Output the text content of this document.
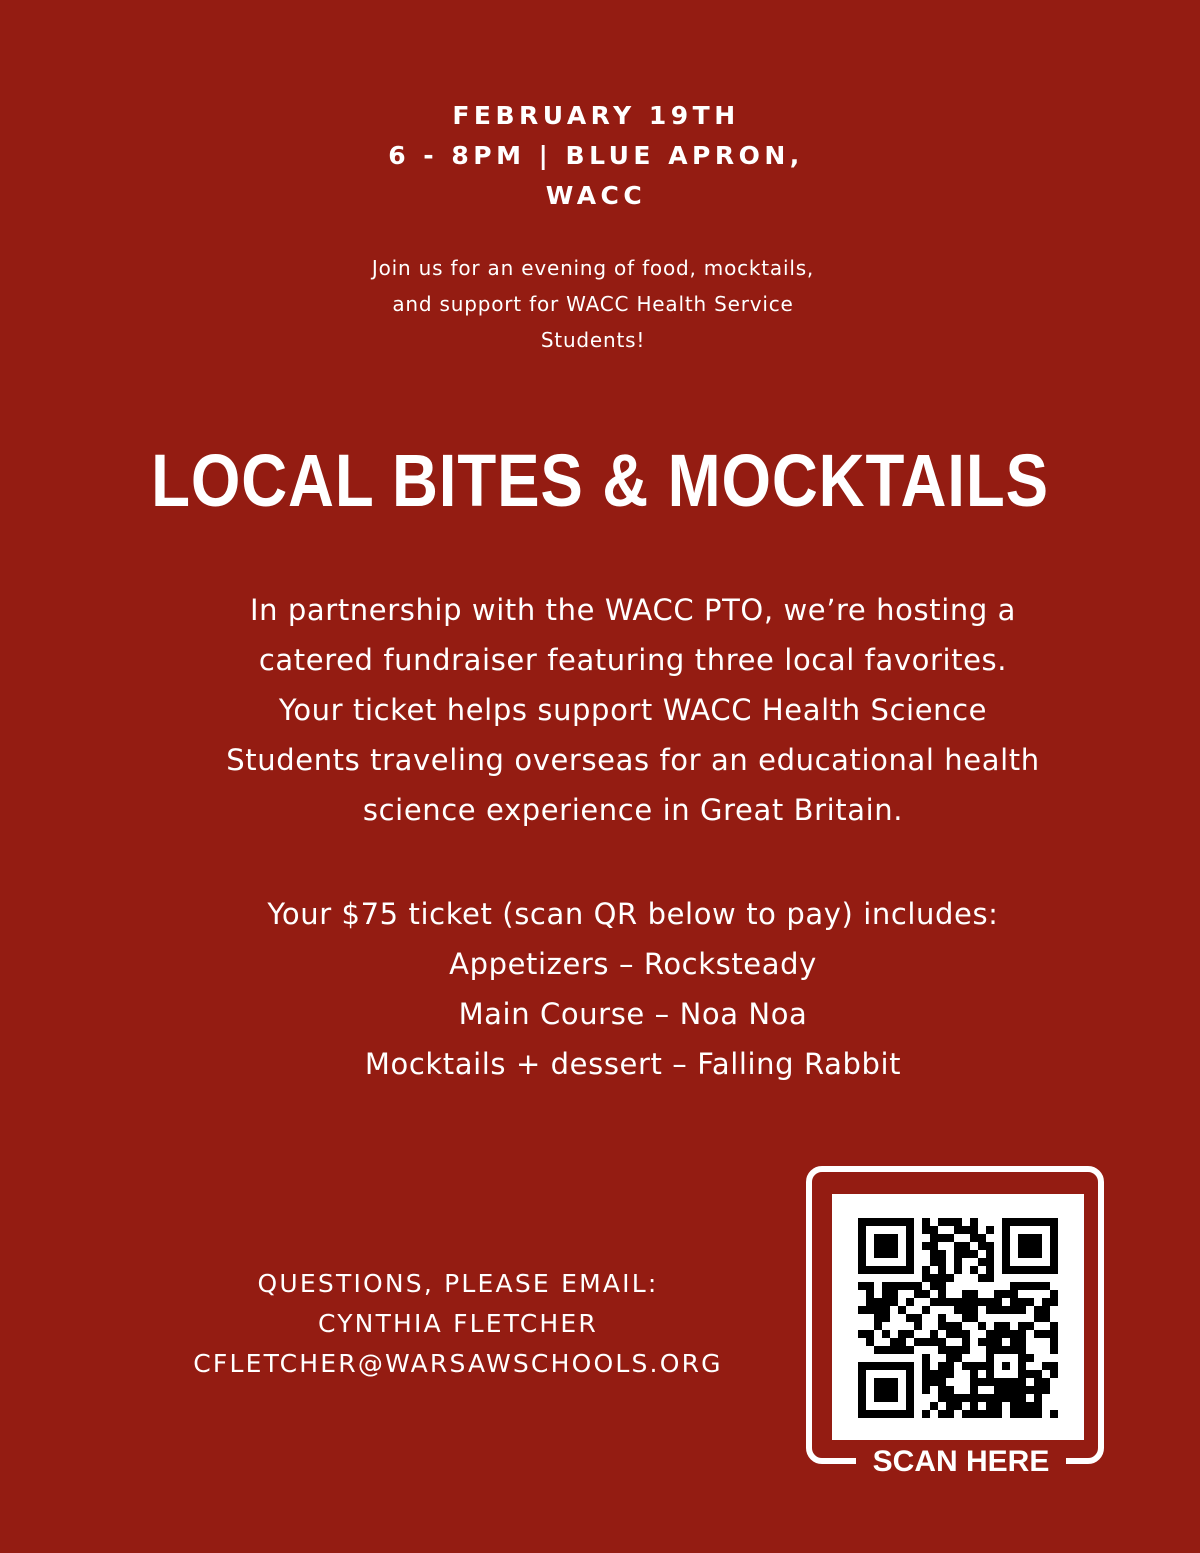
FEBRUARY 19TH
6 - 8PM | BLUE APRON,
WACC
Join us for an evening of food, mocktails,
and support for WACC Health Service
Students!
LOCAL BITES & MOCKTAILS
In partnership with the WACC PTO, we’re hosting a
catered fundraiser featuring three local favorites.
Your ticket helps support WACC Health Science
Students traveling overseas for an educational health
science experience in Great Britain.
Your $75 ticket (scan QR below to pay) includes:
Appetizers – Rocksteady
Main Course – Noa Noa
Mocktails + dessert – Falling Rabbit
QUESTIONS, PLEASE EMAIL:
CYNTHIA FLETCHER
CFLETCHER@WARSAWSCHOOLS.ORG
SCAN HERE
